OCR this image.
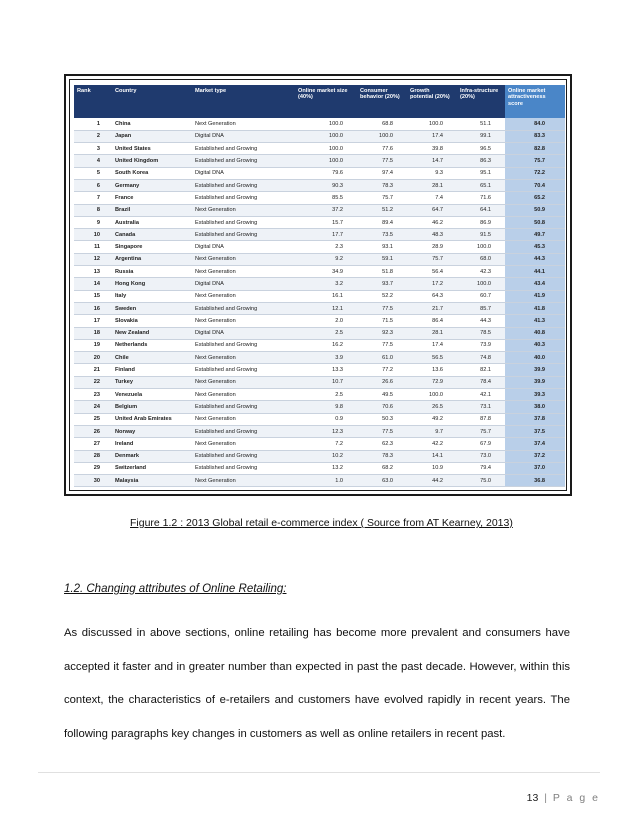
Rank	Country	Market type	Online market size (40%)	Consumer behavior (20%)	Growth potential (20%)	Infra-structure (20%)	Online market attractiveness score
1	China	Next Generation	100.0	68.8	100.0	51.1	84.0
2	Japan	Digital DNA	100.0	100.0	17.4	99.1	83.3
3	United States	Established and Growing	100.0	77.6	39.8	96.5	82.8
4	United Kingdom	Established and Growing	100.0	77.5	14.7	86.3	75.7
5	South Korea	Digital DNA	79.6	97.4	9.3	95.1	72.2
6	Germany	Established and Growing	90.3	78.3	28.1	65.1	70.4
7	France	Established and Growing	85.5	75.7	7.4	71.6	65.2
8	Brazil	Next Generation	37.2	51.2	64.7	64.1	50.9
9	Australia	Established and Growing	15.7	89.4	46.2	86.9	50.8
10	Canada	Established and Growing	17.7	73.5	48.3	91.5	49.7
11	Singapore	Digital DNA	2.3	93.1	28.9	100.0	45.3
12	Argentina	Next Generation	9.2	59.1	75.7	68.0	44.3
13	Russia	Next Generation	34.9	51.8	56.4	42.3	44.1
14	Hong Kong	Digital DNA	3.2	93.7	17.2	100.0	43.4
15	Italy	Next Generation	16.1	52.2	64.3	60.7	41.9
16	Sweden	Established and Growing	12.1	77.5	21.7	85.7	41.8
17	Slovakia	Next Generation	2.0	71.5	86.4	44.3	41.3
18	New Zealand	Digital DNA	2.5	92.3	28.1	78.5	40.8
19	Netherlands	Established and Growing	16.2	77.5	17.4	73.9	40.3
20	Chile	Next Generation	3.9	61.0	56.5	74.8	40.0
21	Finland	Established and Growing	13.3	77.2	13.6	82.1	39.9
22	Turkey	Next Generation	10.7	26.6	72.9	78.4	39.9
23	Venezuela	Next Generation	2.5	49.5	100.0	42.1	39.3
24	Belgium	Established and Growing	9.8	70.6	26.5	73.1	38.0
25	United Arab Emirates	Next Generation	0.9	50.3	49.2	87.8	37.8
26	Norway	Established and Growing	12.3	77.5	9.7	75.7	37.5
27	Ireland	Next Generation	7.2	62.3	42.2	67.9	37.4
28	Denmark	Established and Growing	10.2	78.3	14.1	73.0	37.2
29	Switzerland	Established and Growing	13.2	68.2	10.9	79.4	37.0
30	Malaysia	Next Generation	1.0	63.0	44.2	75.0	36.8
Figure 1.2 : 2013 Global retail e-commerce index ( Source from AT Kearney, 2013)
1.2. Changing attributes of Online Retailing:
As discussed in above sections, online retailing has become more prevalent and consumers have accepted it faster and in greater number than expected in past the past decade. However, within this context, the characteristics of e-retailers and customers have evolved rapidly in recent years. The following paragraphs key changes in customers as well as online retailers in recent past.
13 | P a g e
